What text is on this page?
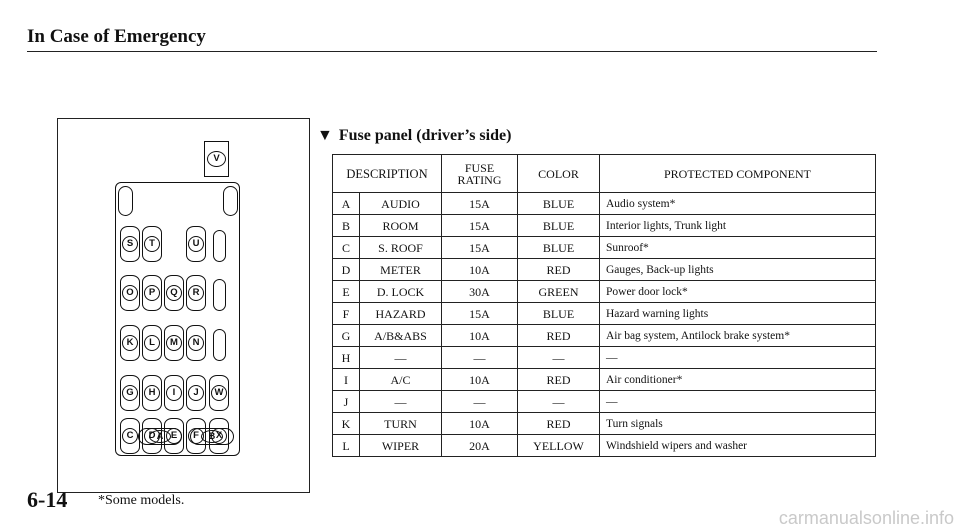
In Case of Emergency
V
S	T	U
O	P	Q	R
K	L	M	N
G	H	I	J	W
C	D	E	F	X
A	B
▼ Fuse panel (driver’s side)
DESCRIPTION		FUSE RATING	COLOR	PROTECTED COMPONENT
A	AUDIO	15A	BLUE	Audio system*
B	ROOM	15A	BLUE	Interior lights, Trunk light
C	S. ROOF	15A	BLUE	Sunroof*
D	METER	10A	RED	Gauges, Back-up lights
E	D. LOCK	30A	GREEN	Power door lock*
F	HAZARD	15A	BLUE	Hazard warning lights
G	A/B&ABS	10A	RED	Air bag system, Antilock brake system*
H	—	—	—	—
I	A/C	10A	RED	Air conditioner*
J	—	—	—	—
K	TURN	10A	RED	Turn signals
L	WIPER	20A	YELLOW	Windshield wipers and washer
6-14 *Some models.
carmanualsonline.info
